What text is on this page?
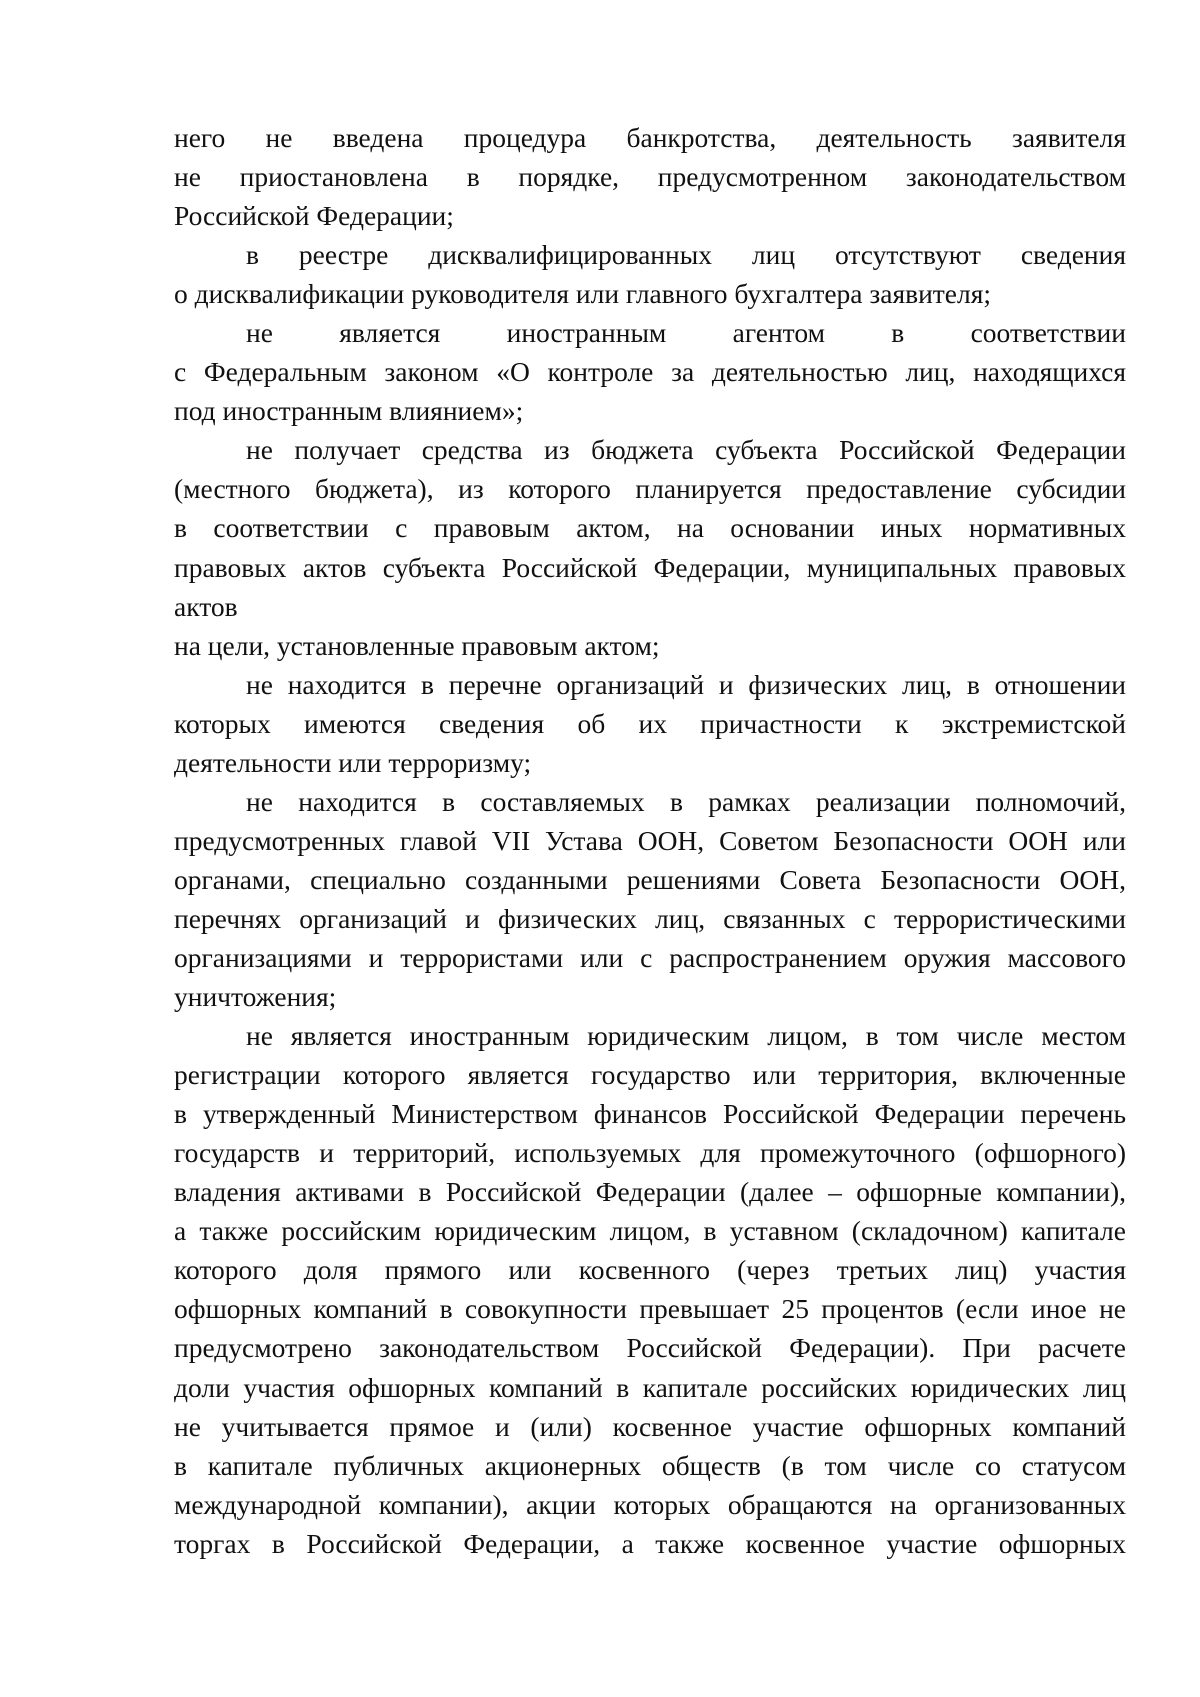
него не введена процедура банкротства, деятельность заявителя
не приостановлена в порядке, предусмотренном законодательством
Российской Федерации;
в реестре дисквалифицированных лиц отсутствуют сведения
о дисквалификации руководителя или главного бухгалтера заявителя;
не является иностранным агентом в соответствии
с Федеральным законом «О контроле за деятельностью лиц, находящихся
под иностранным влиянием»;
не получает средства из бюджета субъекта Российской Федерации
(местного бюджета), из которого планируется предоставление субсидии
в соответствии с правовым актом, на основании иных нормативных
правовых актов субъекта Российской Федерации, муниципальных правовых
актов
на цели, установленные правовым актом;
не находится в перечне организаций и физических лиц, в отношении
которых имеются сведения об их причастности к экстремистской
деятельности или терроризму;
не находится в составляемых в рамках реализации полномочий,
предусмотренных главой VII Устава ООН, Советом Безопасности ООН или
органами, специально созданными решениями Совета Безопасности ООН,
перечнях организаций и физических лиц, связанных с террористическими
организациями и террористами или с распространением оружия массового
уничтожения;
не является иностранным юридическим лицом, в том числе местом
регистрации которого является государство или территория, включенные
в утвержденный Министерством финансов Российской Федерации перечень
государств и территорий, используемых для промежуточного (офшорного)
владения активами в Российской Федерации (далее – офшорные компании),
а также российским юридическим лицом, в уставном (складочном) капитале
которого доля прямого или косвенного (через третьих лиц) участия
офшорных компаний в совокупности превышает 25 процентов (если иное не
предусмотрено законодательством Российской Федерации). При расчете
доли участия офшорных компаний в капитале российских юридических лиц
не учитывается прямое и (или) косвенное участие офшорных компаний
в капитале публичных акционерных обществ (в том числе со статусом
международной компании), акции которых обращаются на организованных
торгах в Российской Федерации, а также косвенное участие офшорных
